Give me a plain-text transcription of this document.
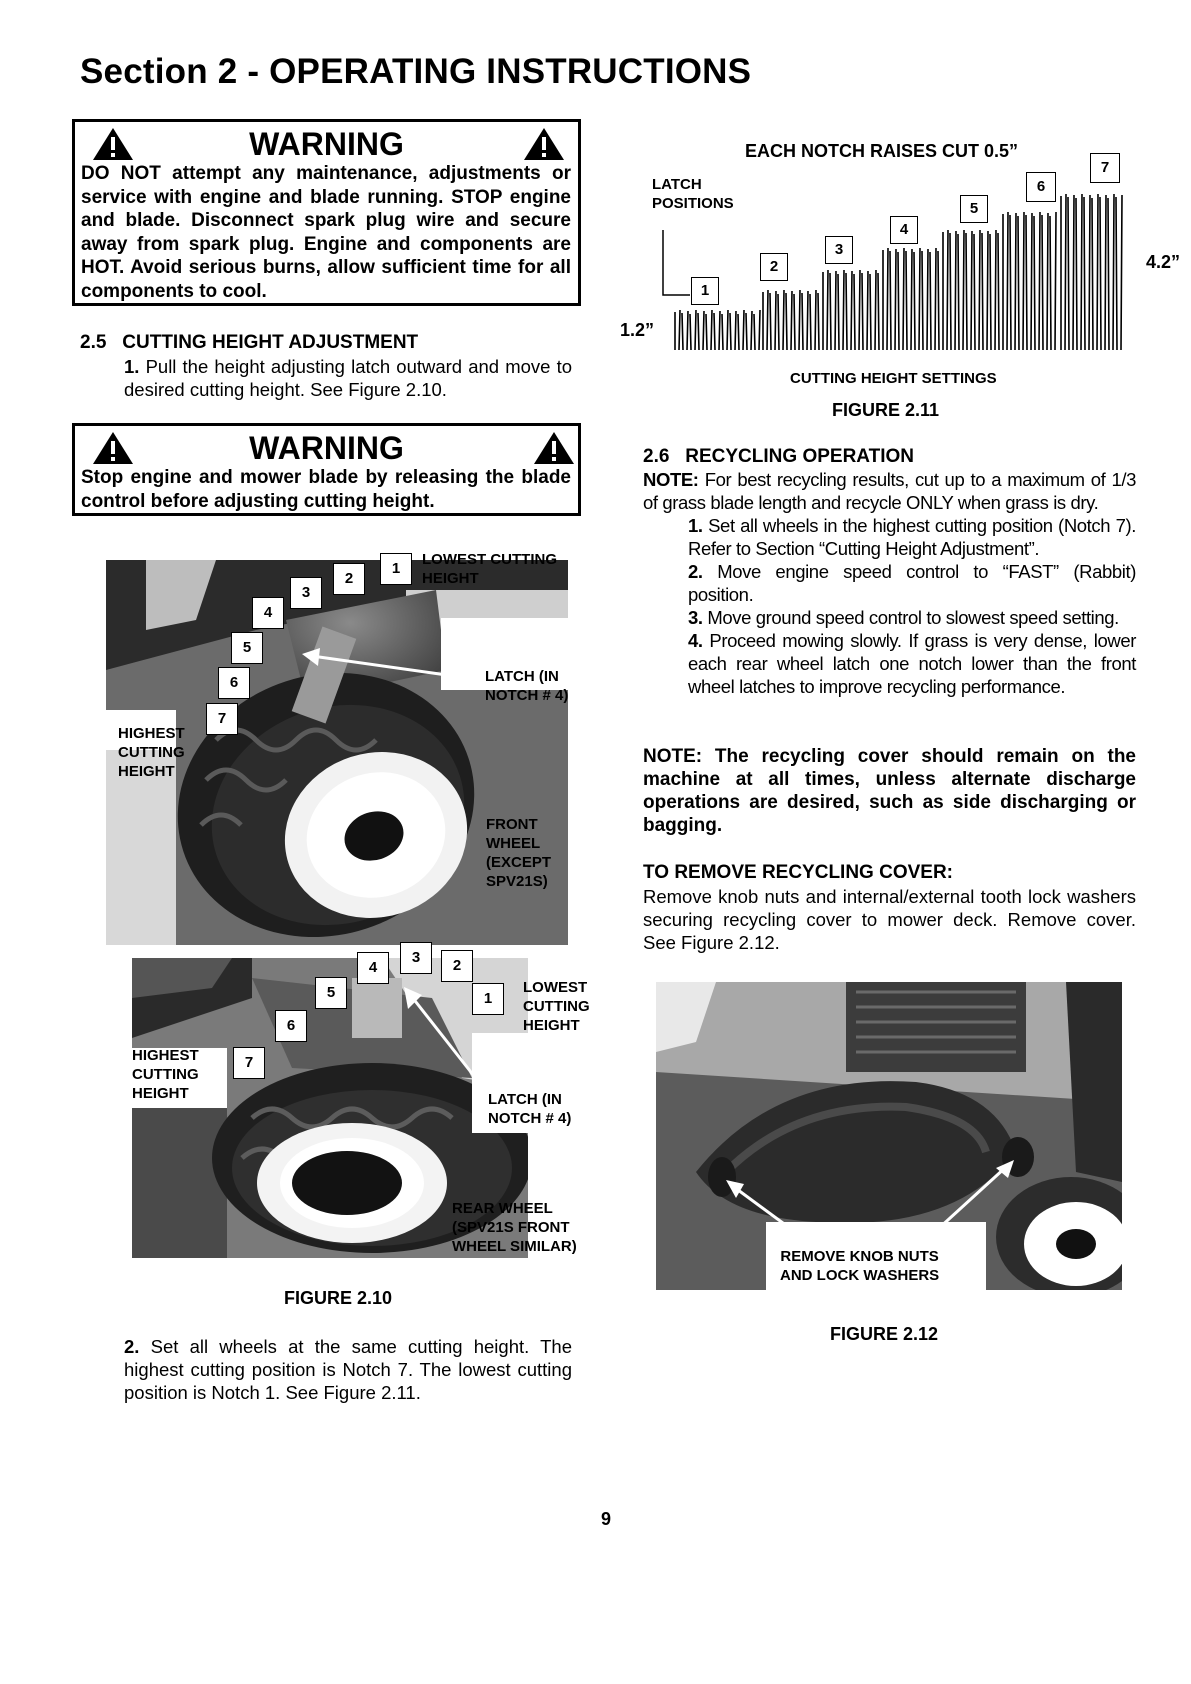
Section 2 - OPERATING INSTRUCTIONS
WARNING
DO NOT attempt any maintenance, adjustments or service with engine and blade running. STOP engine and blade. Disconnect spark plug wire and secure away from spark plug. Engine and components are HOT. Avoid serious burns, allow sufficient time for all components to cool.
2.5 CUTTING HEIGHT ADJUSTMENT
1. Pull the height adjusting latch outward and move to desired cutting height. See Figure 2.10.
WARNING
Stop engine and mower blade by releasing the blade control before adjusting cutting height.
1
2
3
4
5
6
7
LOWEST CUTTING
HEIGHT
LATCH (IN
NOTCH # 4)
HIGHEST
CUTTING
HEIGHT
FRONT
WHEEL
(EXCEPT
SPV21S)
1
2
3
4
5
6
7
LOWEST
CUTTING
HEIGHT
HIGHEST
CUTTING
HEIGHT	LATCH (IN
NOTCH # 4)
REAR WHEEL
(SPV21S FRONT
WHEEL SIMILAR)
FIGURE 2.10
2. Set all wheels at the same cutting height. The highest cutting position is Notch 7. The lowest cutting position is Notch 1. See Figure 2.11.
EACH NOTCH RAISES CUT 0.5”
LATCH
POSITIONS
1
2
3
4
5
6
7
1.2”
4.2”
CUTTING HEIGHT SETTINGS
FIGURE 2.11
2.6 RECYCLING OPERATION
NOTE: For best recycling results, cut up to a maximum of 1/3 of grass blade length and recycle ONLY when grass is dry.
1. Set all wheels in the highest cutting position (Notch 7). Refer to Section “Cutting Height Adjustment”.
2. Move engine speed control to “FAST” (Rabbit) position.
3. Move ground speed control to slowest speed setting.
4. Proceed mowing slowly. If grass is very dense, lower each rear wheel latch one notch lower than the front wheel latches to improve recycling performance.
NOTE: The recycling cover should remain on the machine at all times, unless alternate discharge operations are desired, such as side discharging or bagging.
TO REMOVE RECYCLING COVER:
Remove knob nuts and internal/external tooth lock washers securing recycling cover to mower deck. Remove cover. See Figure 2.12.
REMOVE KNOB NUTS
AND LOCK WASHERS
FIGURE 2.12
9
